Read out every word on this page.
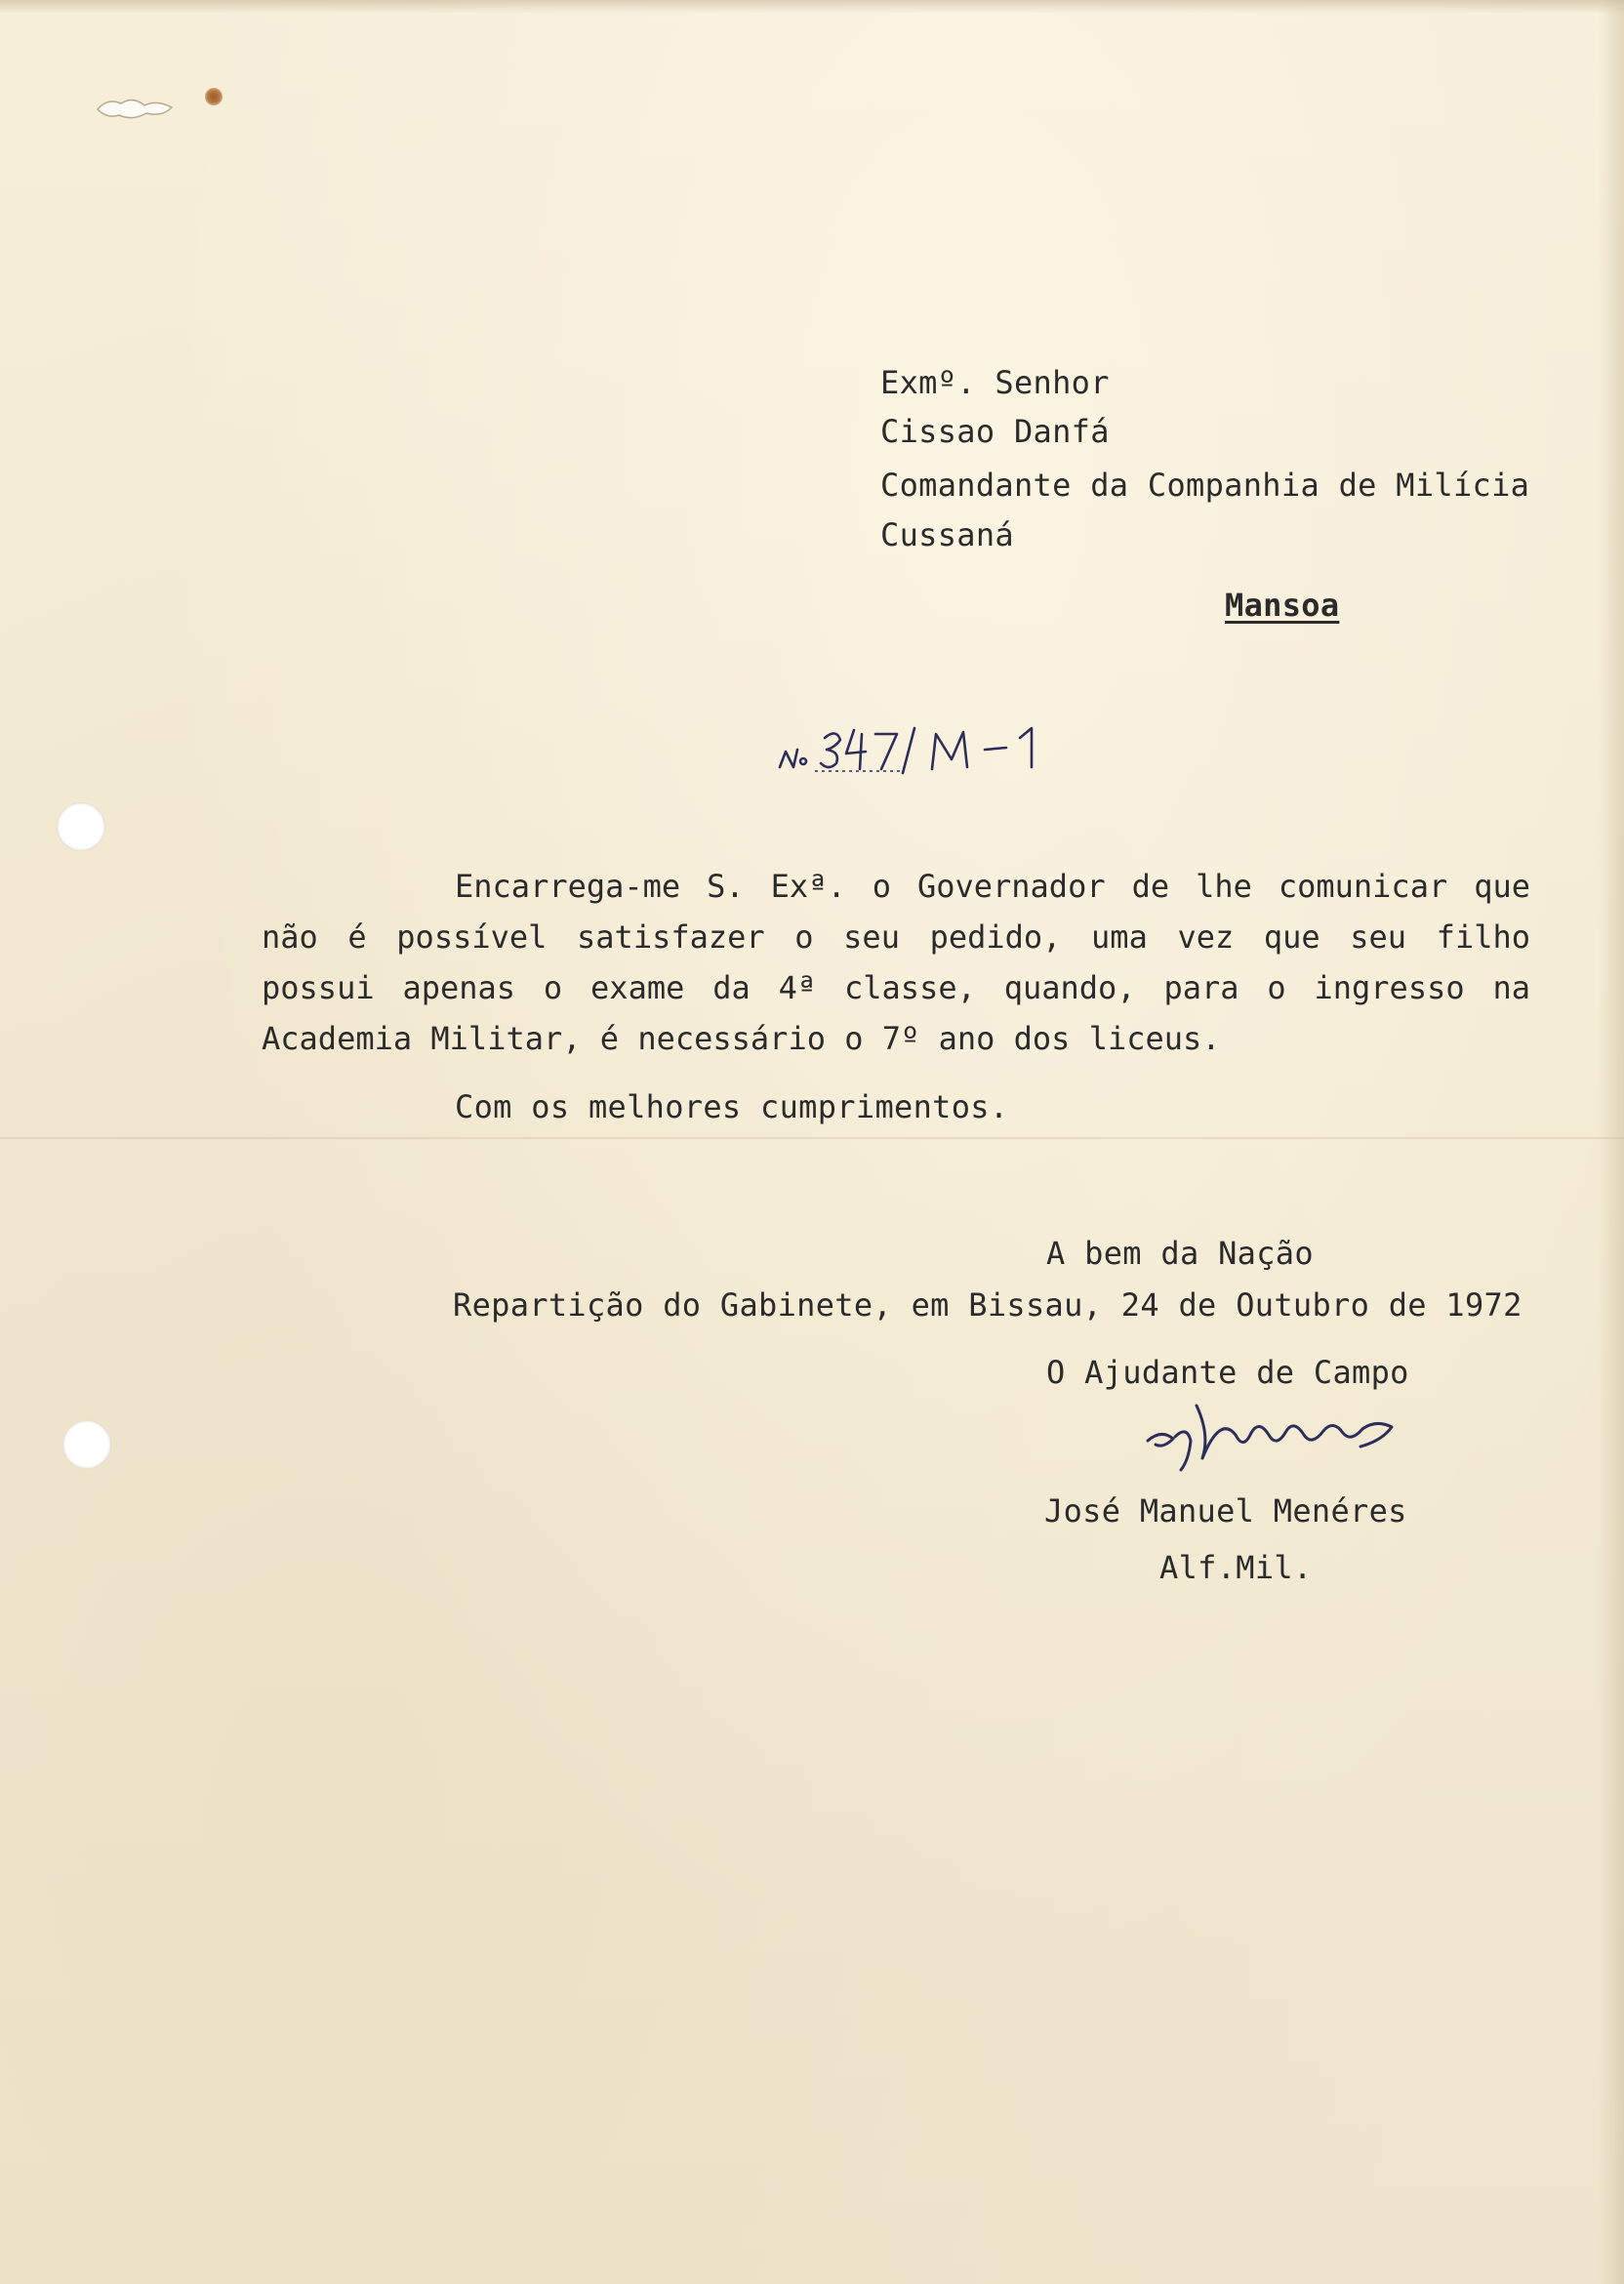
Exmº. Senhor

Cissao Danfá

Comandante da Companhia de Milícia

Cussaná

Mansoa

Encarrega-me S. Exª. o Governador de lhe comunicar que não é possível satisfazer o seu pedido, uma vez que seu filho possui apenas o exame da 4ª classe, quando, para o ingresso na Academia Militar, é necessário o 7º ano dos liceus.

Com os melhores cumprimentos.

A bem da Nação

Repartição do Gabinete, em Bissau, 24 de Outubro de 1972

O Ajudante de Campo

José Manuel Menéres

Alf.Mil.
